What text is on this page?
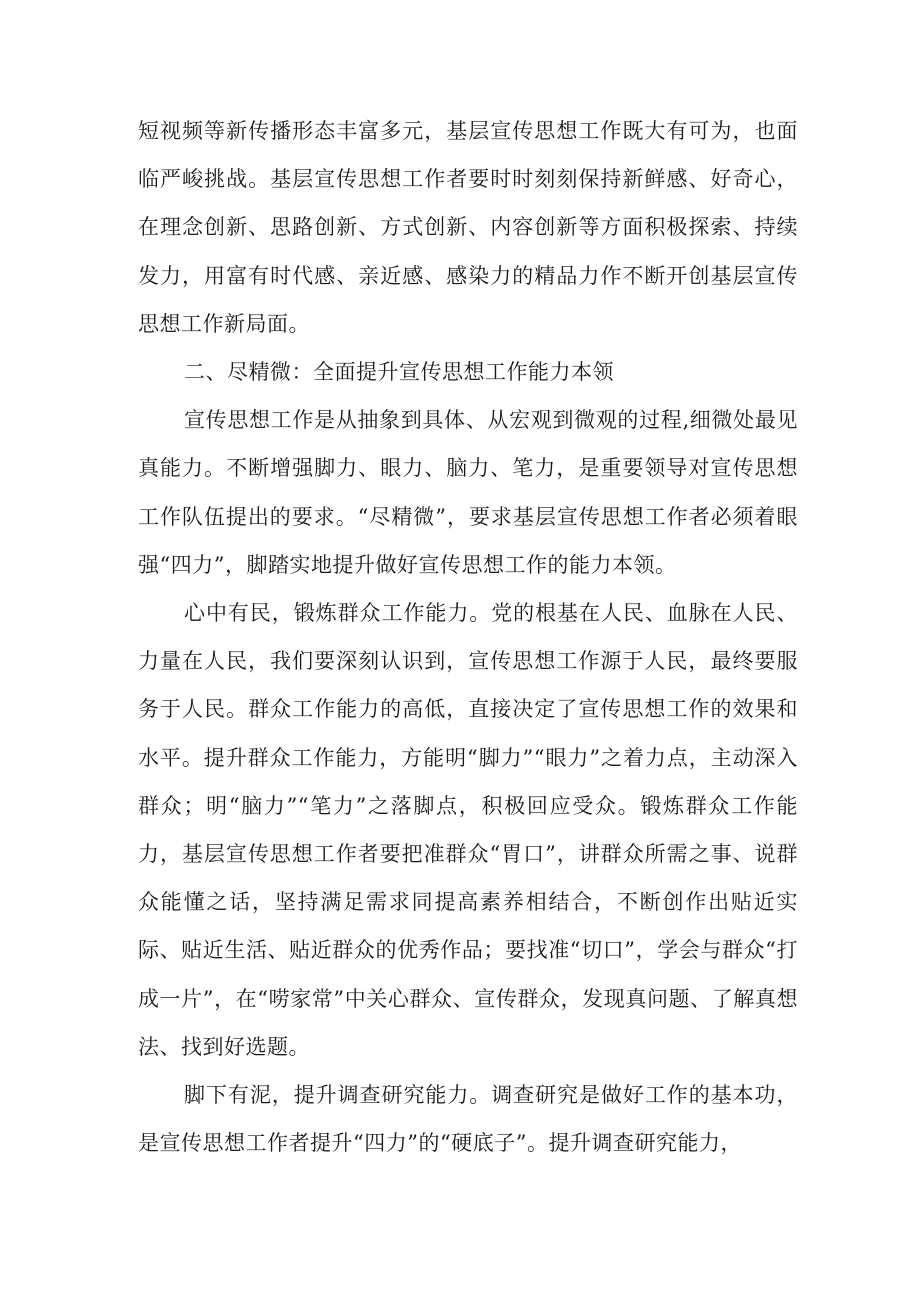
短视频等新传播形态丰富多元，基层宣传思想工作既大有可为，也面临严峻挑战。基层宣传思想工作者要时时刻刻保持新鲜感、好奇心，在理念创新、思路创新、方式创新、内容创新等方面积极探索、持续发力，用富有时代感、亲近感、感染力的精品力作不断开创基层宣传思想工作新局面。

二、尽精微：全面提升宣传思想工作能力本领

宣传思想工作是从抽象到具体、从宏观到微观的过程,细微处最见真能力。不断增强脚力、眼力、脑力、笔力，是重要领导对宣传思想工作队伍提出的要求。“尽精微”，要求基层宣传思想工作者必须着眼强“四力”，脚踏实地提升做好宣传思想工作的能力本领。

心中有民，锻炼群众工作能力。党的根基在人民、血脉在人民、力量在人民，我们要深刻认识到，宣传思想工作源于人民，最终要服务于人民。群众工作能力的高低，直接决定了宣传思想工作的效果和水平。提升群众工作能力，方能明“脚力”“眼力”之着力点，主动深入群众；明“脑力”“笔力”之落脚点，积极回应受众。锻炼群众工作能力，基层宣传思想工作者要把准群众“胃口”，讲群众所需之事、说群众能懂之话，坚持满足需求同提高素养相结合，不断创作出贴近实际、贴近生活、贴近群众的优秀作品；要找准“切口”，学会与群众“打成一片”，在“唠家常”中关心群众、宣传群众，发现真问题、了解真想法、找到好选题。

脚下有泥，提升调查研究能力。调查研究是做好工作的基本功，是宣传思想工作者提升“四力”的“硬底子”。提升调查研究能力，
